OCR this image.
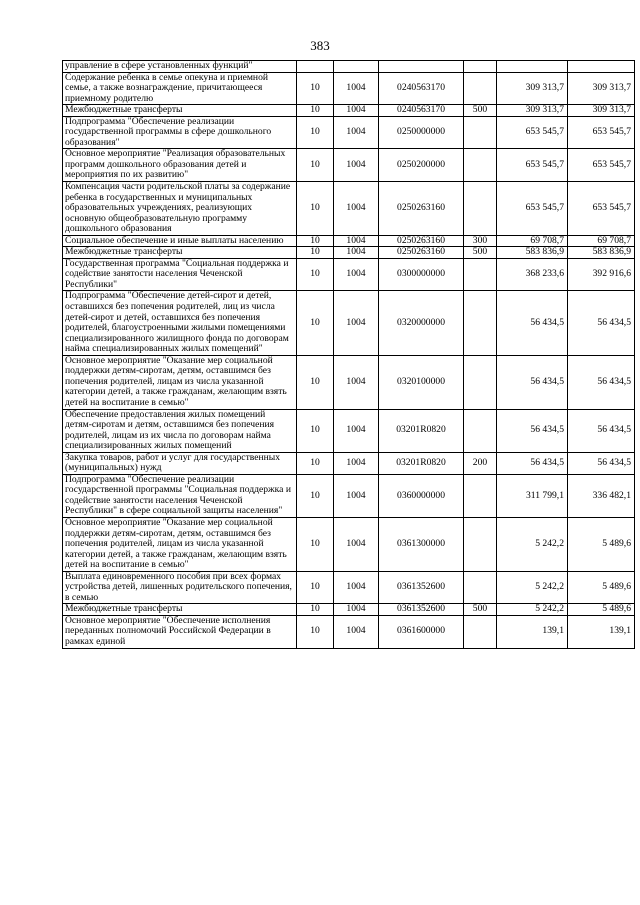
383
управление в сфере установленных функций"						
Содержание ребенка в семье опекуна и приемной семье, а также вознаграждение, причитающееся приемному родителю	10	1004	0240563170		309 313,7	309 313,7
Межбюджетные трансферты	10	1004	0240563170	500	309 313,7	309 313,7
Подпрограмма "Обеспечение реализации государственной программы в сфере дошкольного образования"	10	1004	0250000000		653 545,7	653 545,7
Основное мероприятие "Реализация образовательных программ дошкольного образования детей и мероприятия по их развитию"	10	1004	0250200000		653 545,7	653 545,7
Компенсация части родительской платы за содержание ребенка в государственных и муниципальных образовательных учреждениях, реализующих основную общеобразовательную программу дошкольного образования	10	1004	0250263160		653 545,7	653 545,7
Социальное обеспечение и иные выплаты населению	10	1004	0250263160	300	69 708,7	69 708,7
Межбюджетные трансферты	10	1004	0250263160	500	583 836,9	583 836,9
Государственная программа "Социальная поддержка и содействие занятости населения Чеченской Республики"	10	1004	0300000000		368 233,6	392 916,6
Подпрограмма "Обеспечение детей-сирот и детей, оставшихся без попечения родителей, лиц из числа детей-сирот и детей, оставшихся без попечения родителей, благоустроенными жилыми помещениями специализированного жилищного фонда по договорам найма специализированных жилых помещений"	10	1004	0320000000		56 434,5	56 434,5
Основное мероприятие "Оказание мер социальной поддержки детям-сиротам, детям, оставшимся без попечения родителей, лицам из числа указанной категории детей, а также гражданам, желающим взять детей на воспитание в семью"	10	1004	0320100000		56 434,5	56 434,5
Обеспечение предоставления жилых помещений детям-сиротам и детям, оставшимся без попечения родителей, лицам из их числа по договорам найма специализированных жилых помещений	10	1004	03201R0820		56 434,5	56 434,5
Закупка товаров, работ и услуг для государственных (муниципальных) нужд	10	1004	03201R0820	200	56 434,5	56 434,5
Подпрограмма "Обеспечение реализации государственной программы "Социальная поддержка и содействие занятости населения Чеченской Республики" в сфере социальной защиты населения"	10	1004	0360000000		311 799,1	336 482,1
Основное мероприятие "Оказание мер социальной поддержки детям-сиротам, детям, оставшимся без попечения родителей, лицам из числа указанной категории детей, а также гражданам, желающим взять детей на воспитание в семью"	10	1004	0361300000		5 242,2	5 489,6
Выплата единовременного пособия при всех формах устройства детей, лишенных родительского попечения, в семью	10	1004	0361352600		5 242,2	5 489,6
Межбюджетные трансферты	10	1004	0361352600	500	5 242,2	5 489,6
Основное мероприятие "Обеспечение исполнения переданных полномочий Российской Федерации в рамках единой	10	1004	0361600000		139,1	139,1
